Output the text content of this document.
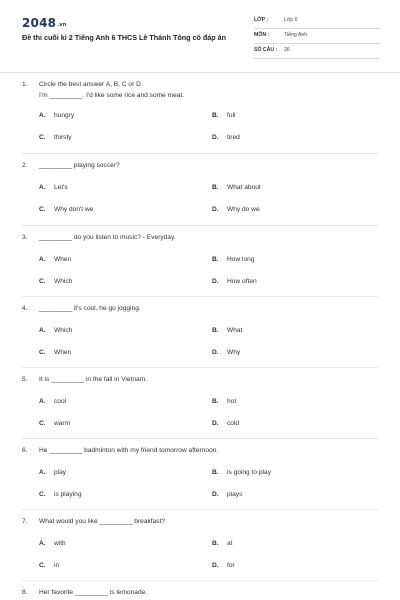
2048.vn
Đề thi cuối kì 2 Tiếng Anh 6 THCS Lê Thánh Tông có đáp án
LỚP :	Lớp 6
MÔN :	Tiếng Anh
SỐ CÂU : 26
1. Circle the best answer A, B, C or D
I'm _________. I'd like some rice and some meat.
A. hungry	B. full
C. thirsty	D. tired
2. _________ playing soccer?
A. Let's	B. What about
C. Why don't we	D. Why do we
3. _________ do you listen to music? - Everyday.
A. When	B. How long
C. Which	D. How often
4. _________ it's cool, he go jogging.
A. Which	B. What
C. When	D. Why
5. It is _________ in the fall in Vietnam.
A. cool	B. hot
C. warm	D. cold
6. He _________ badminton with my friend tomorrow afternoon.
A. play	B. is going to play
C. is playing	D. plays
7. What would you like _________ breakfast?
A. with	B. at
C. in	D. for
8. Her favorite _________ is lemonade.
